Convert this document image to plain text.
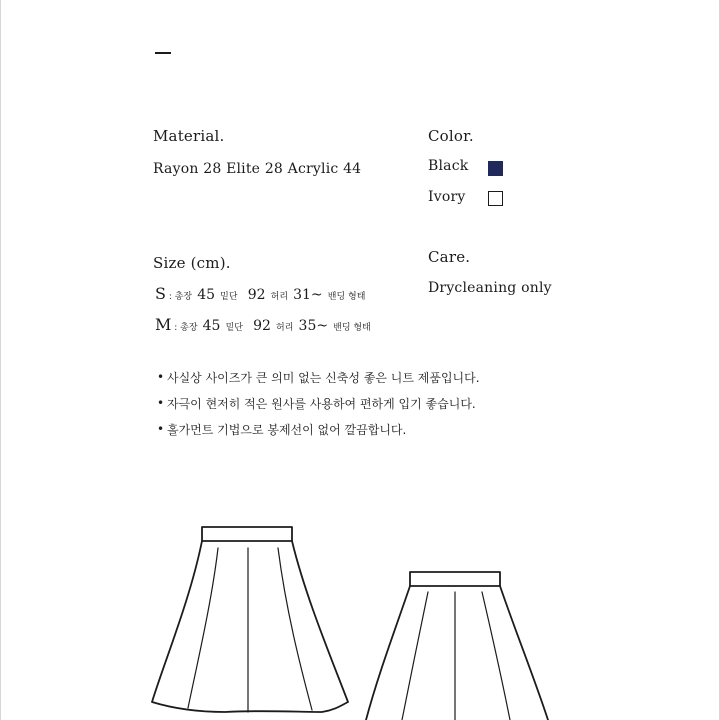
Material.
Rayon 28 Elite 28 Acrylic 44
Color.
Black
Ivory
Size (cm).
S : 총장 45 밑단 92 허리 31~ 밴딩 형태
M : 총장 45 밑단 92 허리 35~ 밴딩 형태
Care.
Drycleaning only
• 사실상 사이즈가 큰 의미 없는 신축성 좋은 니트 제품입니다.
• 자극이 현저히 적은 원사를 사용하여 편하게 입기 좋습니다.
• 홀가먼트 기법으로 봉제선이 없어 깔끔합니다.
